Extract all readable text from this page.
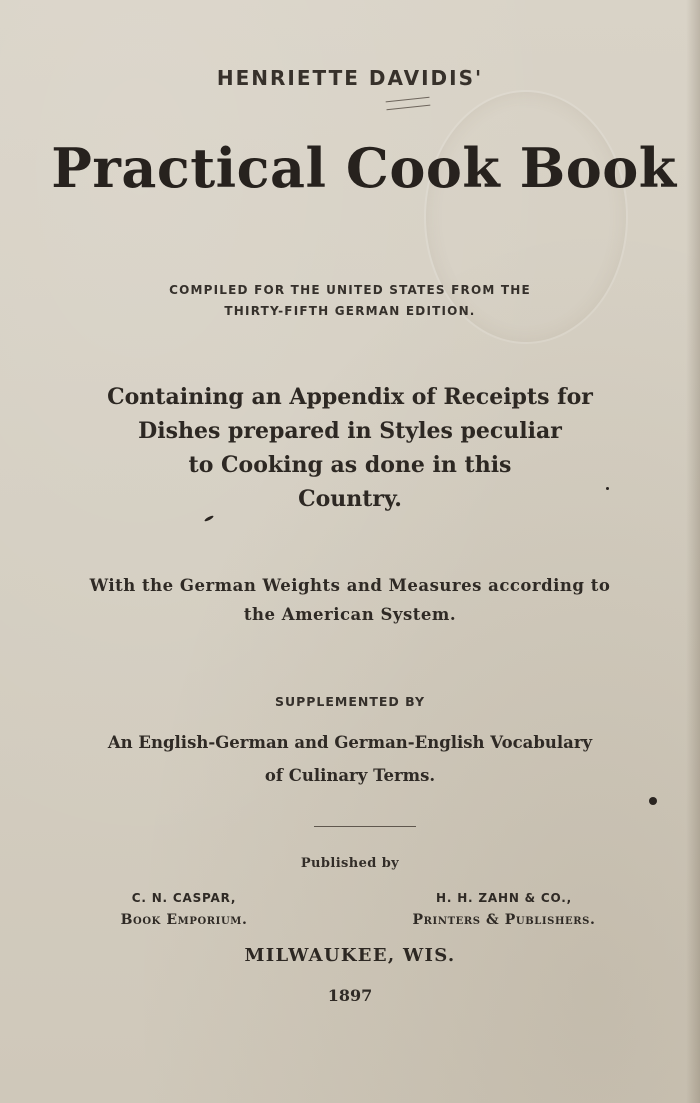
HENRIETTE DAVIDIS'
Practical Cook Book
COMPILED FOR THE UNITED STATES FROM THE
THIRTY-FIFTH GERMAN EDITION.
Containing an Appendix of Receipts for
Dishes prepared in Styles peculiar
to Cooking as done in this
Country.
With the German Weights and Measures according to
the American System.
SUPPLEMENTED BY
An English-German and German-English Vocabulary
of Culinary Terms.
Published by
C. N. CASPAR,
Book Emporium.
H. H. ZAHN & CO.,
Printers & Publishers.
MILWAUKEE, WIS.
1897
